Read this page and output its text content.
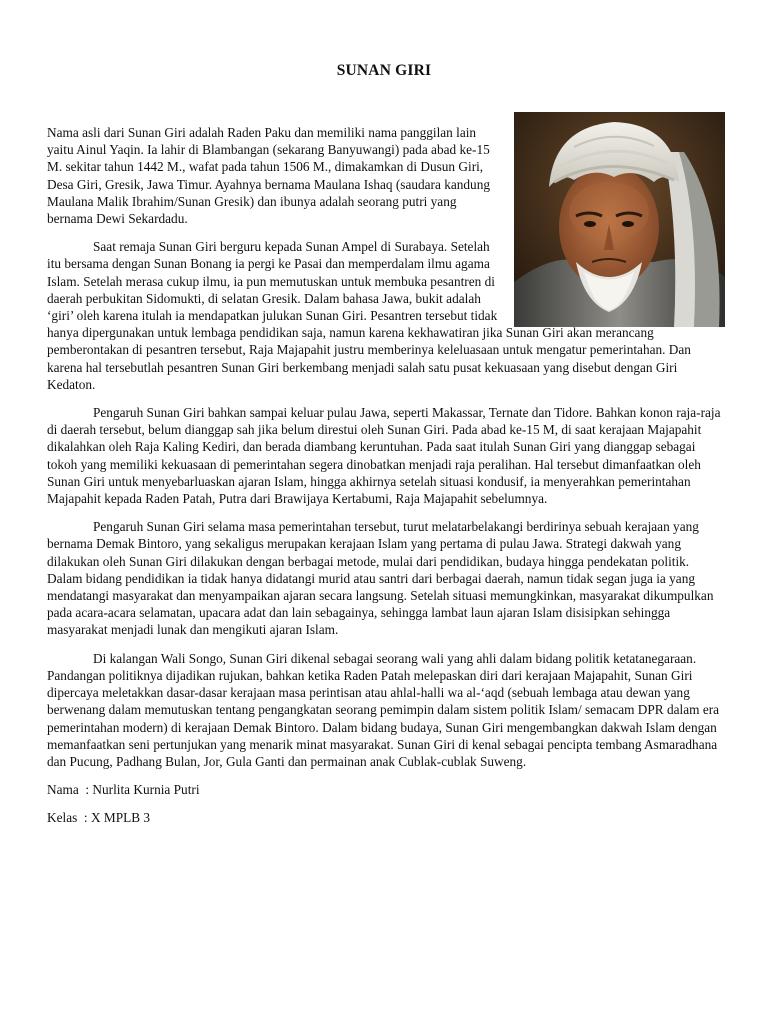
SUNAN GIRI

Nama asli dari Sunan Giri adalah Raden Paku dan memiliki nama panggilan lain yaitu Ainul Yaqin. Ia lahir di Blambangan (sekarang Banyuwangi) pada abad ke-15 M. sekitar tahun 1442 M., wafat pada tahun 1506 M., dimakamkan di Dusun Giri, Desa Giri, Gresik, Jawa Timur. Ayahnya bernama Maulana Ishaq (saudara kandung Maulana Malik Ibrahim/Sunan Gresik) dan ibunya adalah seorang putri yang bernama Dewi Sekardadu.

Saat remaja Sunan Giri berguru kepada Sunan Ampel di Surabaya. Setelah itu bersama dengan Sunan Bonang ia pergi ke Pasai dan memperdalam ilmu agama Islam. Setelah merasa cukup ilmu, ia pun memutuskan untuk membuka pesantren di daerah perbukitan Sidomukti, di selatan Gresik. Dalam bahasa Jawa, bukit adalah ‘giri’ oleh karena itulah ia mendapatkan julukan Sunan Giri. Pesantren tersebut tidak hanya dipergunakan untuk lembaga pendidikan saja, namun karena kekhawatiran jika Sunan Giri akan merancang pemberontakan di pesantren tersebut, Raja Majapahit justru memberinya keleluasaan untuk mengatur pemerintahan. Dan karena hal tersebutlah pesantren Sunan Giri berkembang menjadi salah satu pusat kekuasaan yang disebut dengan Giri Kedaton.

Pengaruh Sunan Giri bahkan sampai keluar pulau Jawa, seperti Makassar, Ternate dan Tidore. Bahkan konon raja-raja di daerah tersebut, belum dianggap sah jika belum direstui oleh Sunan Giri. Pada abad ke-15 M, di saat kerajaan Majapahit dikalahkan oleh Raja Kaling Kediri, dan berada diambang keruntuhan. Pada saat itulah Sunan Giri yang dianggap sebagai tokoh yang memiliki kekuasaan di pemerintahan segera dinobatkan menjadi raja peralihan. Hal tersebut dimanfaatkan oleh Sunan Giri untuk menyebarluaskan ajaran Islam, hingga akhirnya setelah situasi kondusif, ia menyerahkan pemerintahan Majapahit kepada Raden Patah, Putra dari Brawijaya Kertabumi, Raja Majapahit sebelumnya.

Pengaruh Sunan Giri selama masa pemerintahan tersebut, turut melatarbelakangi berdirinya sebuah kerajaan yang bernama Demak Bintoro, yang sekaligus merupakan kerajaan Islam yang pertama di pulau Jawa. Strategi dakwah yang dilakukan oleh Sunan Giri dilakukan dengan berbagai metode, mulai dari pendidikan, budaya hingga pendekatan politik. Dalam bidang pendidikan ia tidak hanya didatangi murid atau santri dari berbagai daerah, namun tidak segan juga ia yang mendatangi masyarakat dan menyampaikan ajaran secara langsung. Setelah situasi memungkinkan, masyarakat dikumpulkan pada acara-acara selamatan, upacara adat dan lain sebagainya, sehingga lambat laun ajaran Islam disisipkan sehingga masyarakat menjadi lunak dan mengikuti ajaran Islam.

Di kalangan Wali Songo, Sunan Giri dikenal sebagai seorang wali yang ahli dalam bidang politik ketatanegaraan. Pandangan politiknya dijadikan rujukan, bahkan ketika Raden Patah melepaskan diri dari kerajaan Majapahit, Sunan Giri dipercaya meletakkan dasar-dasar kerajaan masa perintisan atau ahlal-halli wa al-‘aqd (sebuah lembaga atau dewan yang berwenang dalam memutuskan tentang pengangkatan seorang pemimpin dalam sistem politik Islam/ semacam DPR dalam era pemerintahan modern) di kerajaan Demak Bintoro. Dalam bidang budaya, Sunan Giri mengembangkan dakwah Islam dengan memanfaatkan seni pertunjukan yang menarik minat masyarakat. Sunan Giri di kenal sebagai pencipta tembang Asmaradhana dan Pucung, Padhang Bulan, Jor, Gula Ganti dan permainan anak Cublak-cublak Suweng.

Nama  : Nurlita Kurnia Putri

Kelas  : X MPLB 3
